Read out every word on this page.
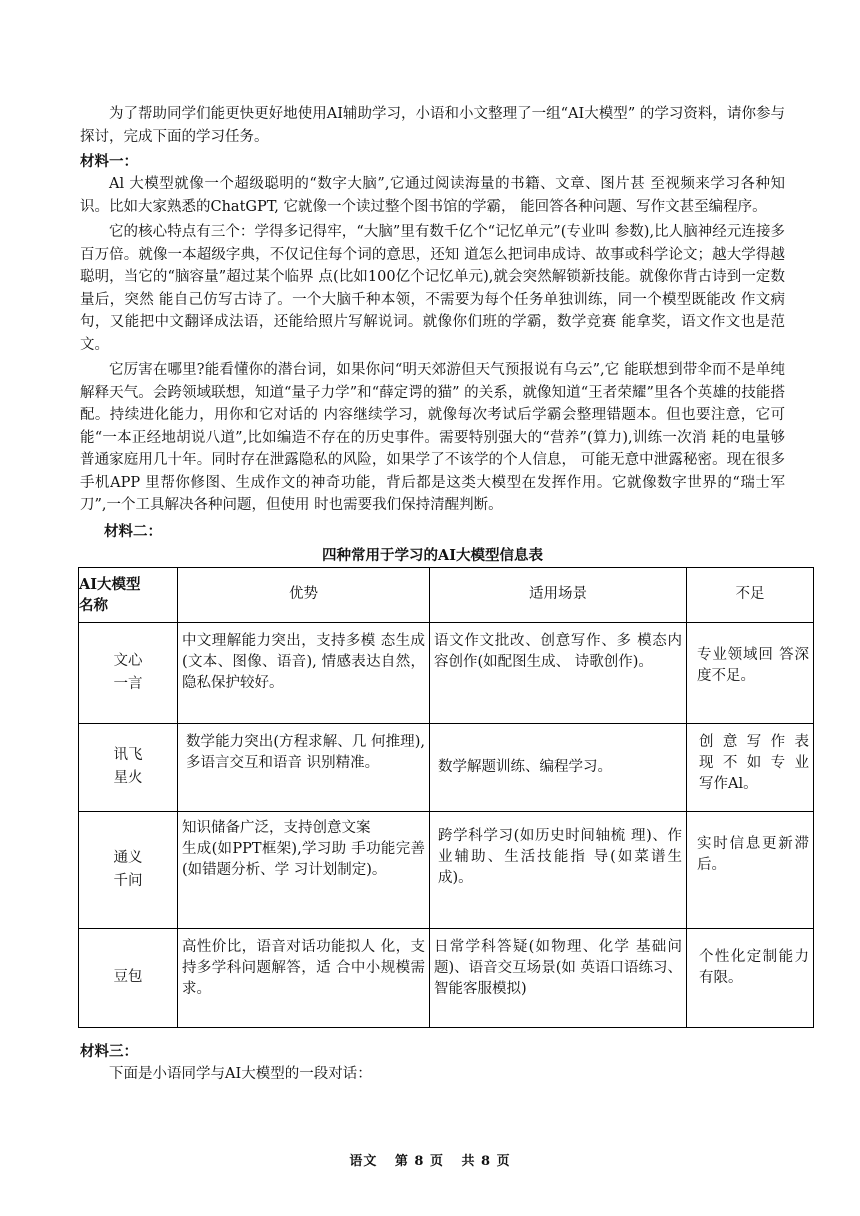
为了帮助同学们能更快更好地使用AI辅助学习，小语和小文整理了一组“AI大模型” 的学习资料，请你参与探讨，完成下面的学习任务。

材料一：

Al 大模型就像一个超级聪明的“数字大脑”,它通过阅读海量的书籍、文章、图片甚 至视频来学习各种知识。比如大家熟悉的ChatGPT, 它就像一个读过整个图书馆的学霸， 能回答各种问题、写作文甚至编程序。

它的核心特点有三个：学得多记得牢，“大脑”里有数千亿个“记忆单元”(专业叫 参数),比人脑神经元连接多百万倍。就像一本超级字典，不仅记住每个词的意思，还知 道怎么把词串成诗、故事或科学论文；越大学得越聪明，当它的“脑容量”超过某个临界 点(比如100亿个记忆单元),就会突然解锁新技能。就像你背古诗到一定数量后，突然 能自己仿写古诗了。一个大脑千种本领，不需要为每个任务单独训练，同一个模型既能改 作文病句，又能把中文翻译成法语，还能给照片写解说词。就像你们班的学霸，数学竞赛 能拿奖，语文作文也是范文。

它厉害在哪里?能看懂你的潜台词，如果你问“明天郊游但天气预报说有乌云”,它 能联想到带伞而不是单纯解释天气。会跨领域联想，知道“量子力学”和“薛定谔的猫” 的关系，就像知道“王者荣耀”里各个英雄的技能搭配。持续进化能力，用你和它对话的 内容继续学习，就像每次考试后学霸会整理错题本。但也要注意，它可能“一本正经地胡说八道”,比如编造不存在的历史事件。需要特别强大的“营养”(算力),训练一次消 耗的电量够普通家庭用几十年。同时存在泄露隐私的风险，如果学了不该学的个人信息， 可能无意中泄露秘密。现在很多手机APP 里帮你修图、生成作文的神奇功能，背后都是这类大模型在发挥作用。它就像数字世界的“瑞士军刀”,一个工具解决各种问题，但使用 时也需要我们保持清醒判断。

材料二：

四种常用于学习的AI大模型信息表

AI大模型
名称	优势	适用场景	不足
文心
一言	中文理解能力突出，支持多模 态生成(文本、图像、语音), 情感表达自然，隐私保护较好。	语文作文批改、创意写作、多 模态内容创作(如配图生成、 诗歌创作)。	专业领域回 答深度不足。
讯飞
星火	数学能力突出(方程求解、几 何推理),多语言交互和语音 识别精准。	数学解题训练、编程学习。	创 意 写 作 表 现 不 如 专 业 写作Al。
通义
千问	知识储备广泛，支持创意文案
生成(如PPT框架),学习助 手功能完善(如错题分析、学 习计划制定)。	跨学科学习(如历史时间轴梳 理)、作业辅助、生活技能指 导(如菜谱生成)。	实时信息更新滞后。
豆包	高性价比，语音对话功能拟人 化，支持多学科问题解答，适 合中小规模需求。	日常学科答疑(如物理、化学 基础问题)、语音交互场景(如 英语口语练习、智能客服模拟)	个性化定制能力有限。

材料三：

下面是小语同学与AI大模型的一段对话：

语文 第 8 页 共 8 页
